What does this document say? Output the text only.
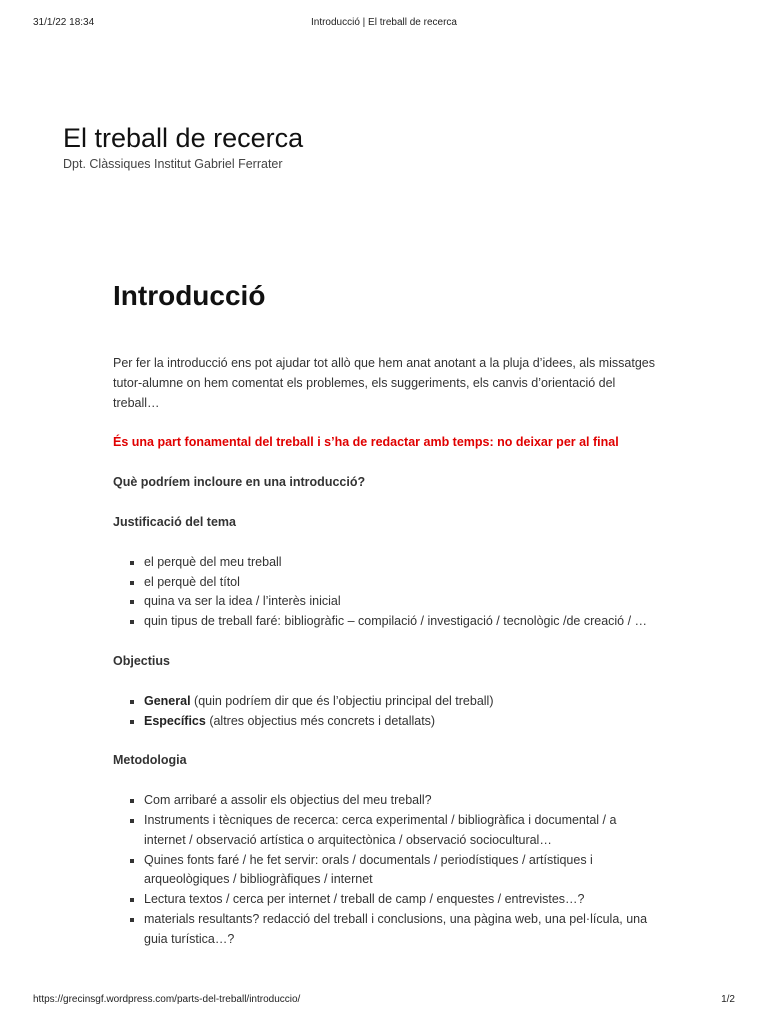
31/1/22 18:34	Introducció | El treball de recerca
El treball de recerca

Dpt. Clàssiques Institut Gabriel Ferrater

Introducció

Per fer la introducció ens pot ajudar tot allò que hem anat anotant a la pluja d’idees, als missatges tutor-alumne on hem comentat els problemes, els suggeriments, els canvis d’orientació del treball…

És una part fonamental del treball i s’ha de redactar amb temps: no deixar per al final

Què podríem incloure en una introducció?

Justificació del tema

el perquè del meu treball
el perquè del títol
quina va ser la idea / l’interès inicial
quin tipus de treball faré: bibliogràfic – compilació / investigació / tecnològic /de creació / …

Objectius

General (quin podríem dir que és l’objectiu principal del treball)
Específics (altres objectius més concrets i detallats)

Metodologia

Com arribaré a assolir els objectius del meu treball?
Instruments i tècniques de recerca: cerca experimental / bibliogràfica i documental / a internet / observació artística o arquitectònica / observació sociocultural…
Quines fonts faré / he fet servir: orals / documentals / periodístiques / artístiques i arqueològiques / bibliogràfiques / internet
Lectura textos / cerca per internet / treball de camp / enquestes / entrevistes…?
materials resultants? redacció del treball i conclusions, una pàgina web, una pel·lícula, una guia turística…?
https://grecinsgf.wordpress.com/parts-del-treball/introduccio/	1/2
